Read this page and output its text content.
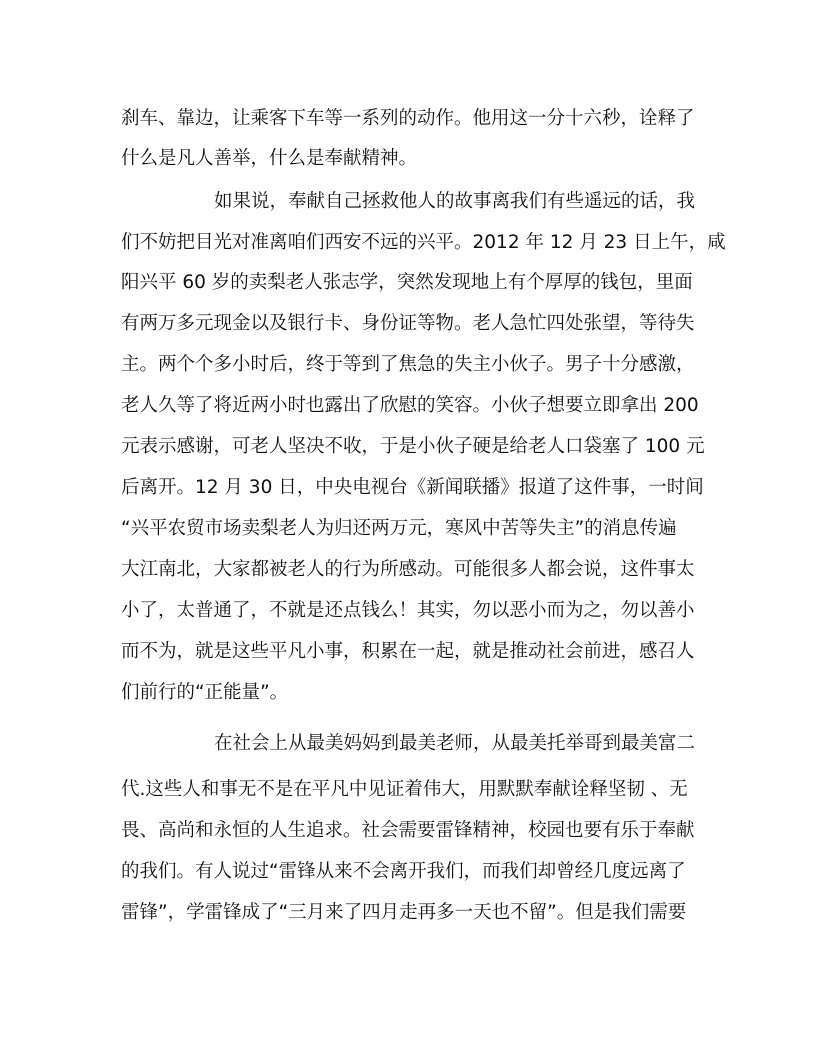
刹车、靠边，让乘客下车等一系列的动作。他用这一分十六秒，诠释了
什么是凡人善举，什么是奉献精神。
如果说，奉献自己拯救他人的故事离我们有些遥远的话，我
们不妨把目光对准离咱们西安不远的兴平。2012 年 12 月 23 日上午，咸
阳兴平 60 岁的卖梨老人张志学，突然发现地上有个厚厚的钱包，里面
有两万多元现金以及银行卡、身份证等物。老人急忙四处张望，等待失
主。两个个多小时后，终于等到了焦急的失主小伙子。男子十分感激，
老人久等了将近两小时也露出了欣慰的笑容。小伙子想要立即拿出 200
元表示感谢，可老人坚决不收，于是小伙子硬是给老人口袋塞了 100 元
后离开。12 月 30 日，中央电视台《新闻联播》报道了这件事，一时间
“兴平农贸市场卖梨老人为归还两万元，寒风中苦等失主”的消息传遍
大江南北，大家都被老人的行为所感动。可能很多人都会说，这件事太
小了，太普通了，不就是还点钱么！其实，勿以恶小而为之，勿以善小
而不为，就是这些平凡小事，积累在一起，就是推动社会前进，感召人
们前行的“正能量”。
在社会上从最美妈妈到最美老师，从最美托举哥到最美富二
代.这些人和事无不是在平凡中见证着伟大，用默默奉献诠释坚韧 、无
畏、高尚和永恒的人生追求。社会需要雷锋精神，校园也要有乐于奉献
的我们。有人说过“雷锋从来不会离开我们，而我们却曾经几度远离了
雷锋”，学雷锋成了“三月来了四月走再多一天也不留”。但是我们需要
